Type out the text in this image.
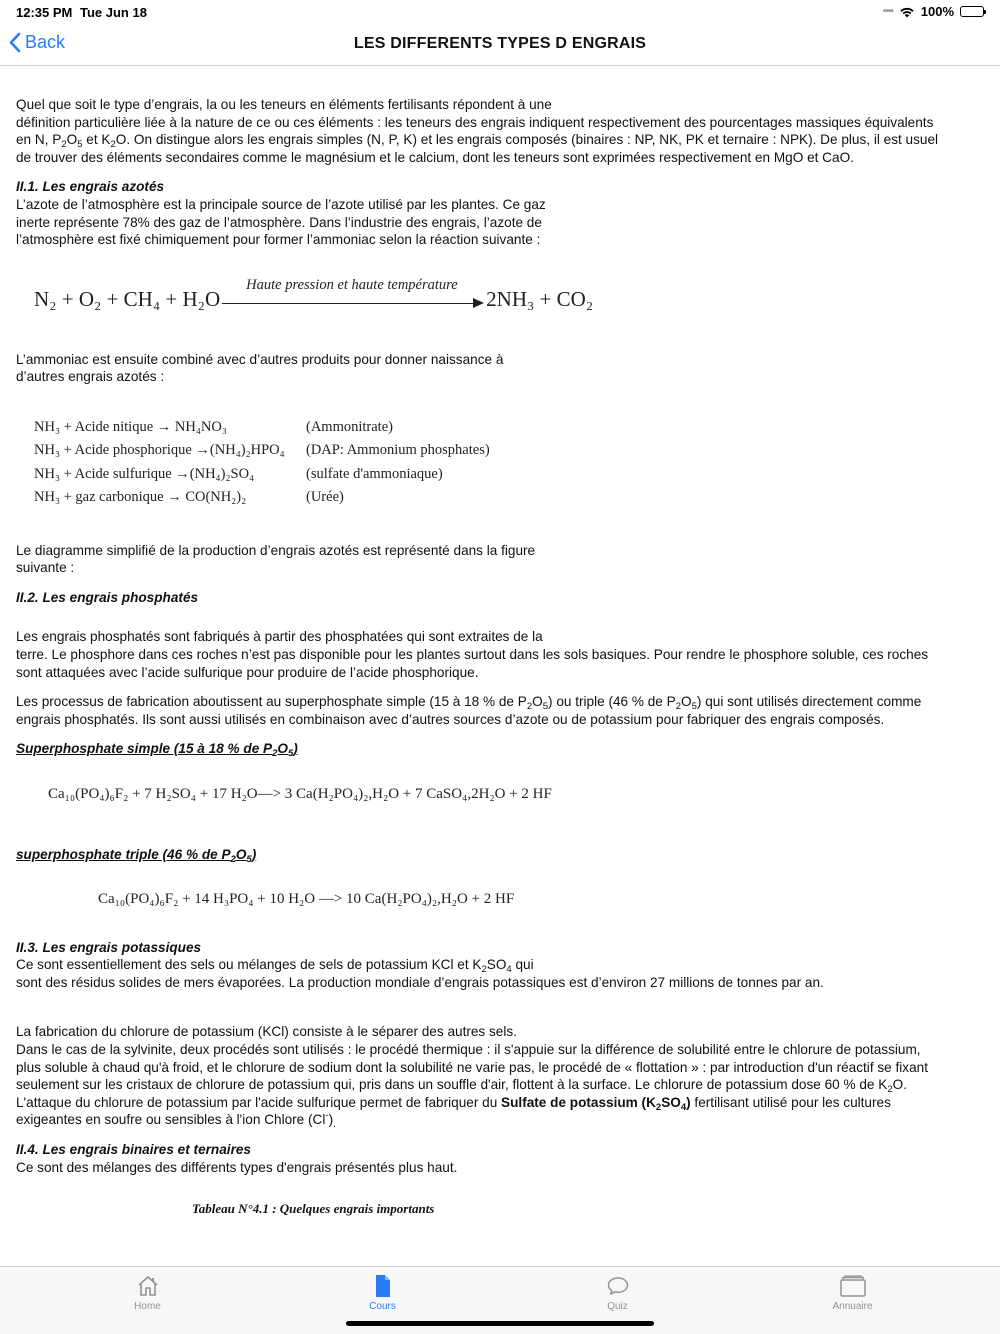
12:35 PM Tue Jun 18	•••• 100%
Back	LES DIFFERENTS TYPES D ENGRAIS
Quel que soit le type d’engrais, la ou les teneurs en éléments fertilisants répondent à une
définition particulière liée à la nature de ce ou ces éléments : les teneurs des engrais indiquent respectivement des pourcentages massiques équivalents
en N, $P_2O_5$ et $K_2O$. On distingue alors les engrais simples (N, P, K) et les engrais composés (binaires : NP, NK, PK et ternaire : NPK). De plus, il est usuel
de trouver des éléments secondaires comme le magnésium et le calcium, dont les teneurs sont exprimées respectivement en MgO et CaO.
II.1. Les engrais azotés
L’azote de l’atmosphère est la principale source de l’azote utilisé par les plantes. Ce gaz
inerte représente 78% des gaz de l’atmosphère. Dans l’industrie des engrais, l’azote de
l’atmosphère est fixé chimiquement pour former l’ammoniac selon la réaction suivante :
N₂ + O₂ + CH₄ + H₂O
Haute pression et haute température
2NH₃ + CO₂
L’ammoniac est ensuite combiné avec d’autres produits pour donner naissance à
d’autres engrais azotés :
NH₃ + Acide nitique → NH₄NO₃	(Ammonitrate)
NH₃ + Acide phosphorique →(NH₄)₂HPO₄	(DAP: Ammonium phosphates)
NH₃ + Acide sulfurique →(NH₄)₂SO₄	(sulfate d'ammoniaque)
NH₃ + gaz carbonique → CO(NH₂)₂	(Urée)
Le diagramme simplifié de la production d’engrais azotés est représenté dans la figure
suivante :
II.2. Les engrais phosphatés
Les engrais phosphatés sont fabriqués à partir des phosphatées qui sont extraites de la
terre. Le phosphore dans ces roches n’est pas disponible pour les plantes surtout dans les sols basiques. Pour rendre le phosphore soluble, ces roches
sont attaquées avec l’acide sulfurique pour produire de l’acide phosphorique.
Les processus de fabrication aboutissent au superphosphate simple (15 à 18 % de $P_2O_5$) ou triple (46 % de $P_2O_5$) qui sont utilisés directement comme
engrais phosphatés. Ils sont aussi utilisés en combinaison avec d’autres sources d’azote ou de potassium pour fabriquer des engrais composés.
Superphosphate simple (15 à 18 % de $P_2O_5$)
Ca₁₀(PO₄)₆F₂ + 7 H₂SO₄ + 17 H₂O—> 3 Ca(H₂PO₄)₂,H₂O + 7 CaSO₄,2H₂O + 2 HF
superphosphate triple (46 % de $P_2O_5$)
Ca₁₀(PO₄)₆F₂ + 14 H₃PO₄ + 10 H₂O —> 10 Ca(H₂PO₄)₂,H₂O + 2 HF
II.3. Les engrais potassiques
Ce sont essentiellement des sels ou mélanges de sels de potassium KCl et $K_2SO_4$ qui
sont des résidus solides de mers évaporées. La production mondiale d’engrais potassiques est d’environ 27 millions de tonnes par an.
La fabrication du chlorure de potassium (KCl) consiste à le séparer des autres sels.
Dans le cas de la sylvinite, deux procédés sont utilisés : le procédé thermique : il s'appuie sur la différence de solubilité entre le chlorure de potassium,
plus soluble à chaud qu'à froid, et le chlorure de sodium dont la solubilité ne varie pas, le procédé de « flottation » : par introduction d'un réactif se fixant
seulement sur les cristaux de chlorure de potassium qui, pris dans un souffle d'air, flottent à la surface. Le chlorure de potassium dose 60 % de $K_2O$.
L'attaque du chlorure de potassium par l'acide sulfurique permet de fabriquer du Sulfate de potassium $(K_2SO_4)$ fertilisant utilisé pour les cultures
exigeantes en soufre ou sensibles à l'ion Chlore $(Cl^-)_.$
II.4. Les engrais binaires et ternaires
Ce sont des mélanges des différents types d'engrais présentés plus haut.
Tableau N°4.1 : Quelques engrais importants
Home	Cours	Quiz	Annuaire
